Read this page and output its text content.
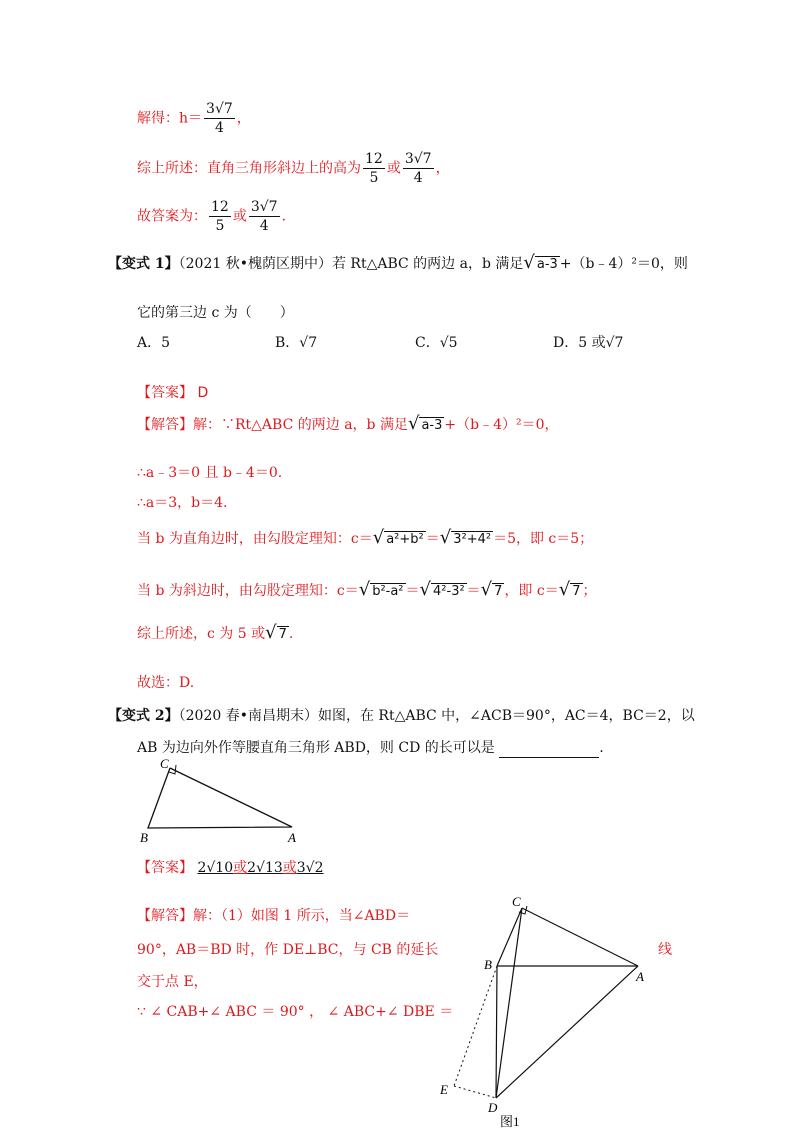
解得：$h= \frac{3√7}{4}$ ，
综上所述：直角三角形斜边上的高为 $\frac{12}{5}$ 或 $\frac{3√7}{4}$ ，
故答案为： $\frac{12}{5}$ 或 $\frac{3√7}{4}$ .
【变式 1】（2021 秋•槐荫区期中）若 Rt△ABC 的两边 a，b 满足√ a-3 +（b﹣4）²＝0，则
它的第三边 c 为（　　）
A．5	B．√7	C．√5	D．5 或√7
【答案】 D
【解答】解：∵Rt△ABC 的两边 a，b 满足√ a-3 +（b﹣4）²＝0，
∴a﹣3＝0 且 b﹣4＝0.
∴a＝3，b＝4.
当 b 为直角边时，由勾股定理知：c＝√ a²+b² ＝√ 3²+4² ＝5，即 c＝5；
当 b 为斜边时，由勾股定理知：c＝√ b²-a² ＝√ 4²-3² ＝√ 7 ，即 c＝√ 7 ；
综上所述，c 为 5 或√ 7 .
故选：D.
【变式 2】（2020 春•南昌期末）如图，在 Rt△ABC 中，∠ACB＝90°，AC＝4，BC＝2，以
AB 为边向外作等腰直角三角形 ABD，则 CD 的长可以是	.
C
B	A
【答案】 2√10或2√13或3√2
【解答】解：（1）如图 1 所示，当∠ABD＝
90°，AB＝BD 时，作 DE⊥BC，与 CB 的延长	线
交于点 E，
∵ ∠ CAB+∠ ABC ＝ 90° ， ∠ ABC+∠ DBE ＝
C
B
A
E
D
图1
